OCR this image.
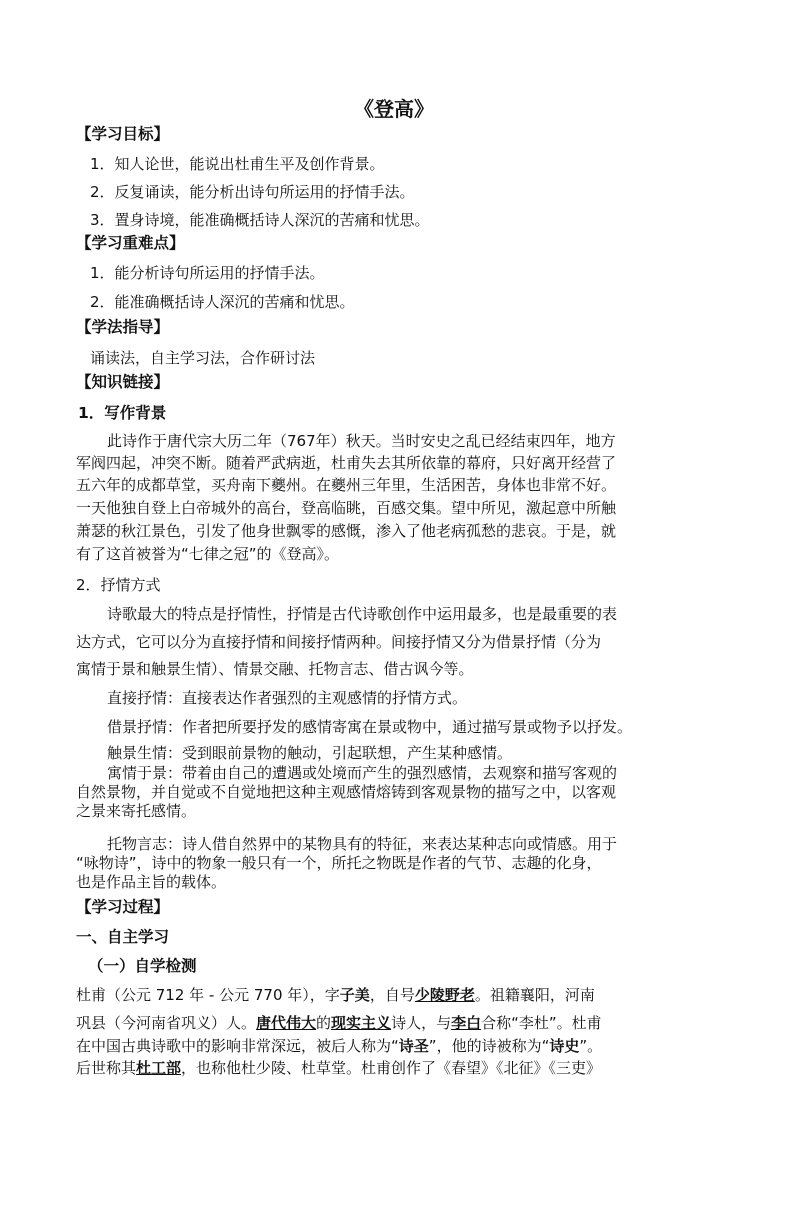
《登高》
【学习目标】
1．知人论世，能说出杜甫生平及创作背景。
2．反复诵读，能分析出诗句所运用的抒情手法。
3．置身诗境，能准确概括诗人深沉的苦痛和忧思。
【学习重难点】
1．能分析诗句所运用的抒情手法。
2．能准确概括诗人深沉的苦痛和忧思。
【学法指导】
诵读法，自主学习法，合作研讨法
【知识链接】
1．写作背景
此诗作于唐代宗大历二年（767年）秋天。当时安史之乱已经结束四年，地方
军阀四起，冲突不断。随着严武病逝，杜甫失去其所依靠的幕府，只好离开经营了
五六年的成都草堂，买舟南下夔州。在夔州三年里，生活困苦，身体也非常不好。
一天他独自登上白帝城外的高台，登高临眺，百感交集。望中所见，激起意中所触
萧瑟的秋江景色，引发了他身世飘零的感慨，渗入了他老病孤愁的悲哀。于是，就
有了这首被誉为“七律之冠”的《登高》。
2．抒情方式
诗歌最大的特点是抒情性，抒情是古代诗歌创作中运用最多，也是最重要的表
达方式，它可以分为直接抒情和间接抒情两种。间接抒情又分为借景抒情（分为
寓情于景和触景生情）、情景交融、托物言志、借古讽今等。
直接抒情：直接表达作者强烈的主观感情的抒情方式。
借景抒情：作者把所要抒发的感情寄寓在景或物中，通过描写景或物予以抒发。
触景生情：受到眼前景物的触动，引起联想，产生某种感情。
寓情于景：带着由自己的遭遇或处境而产生的强烈感情，去观察和描写客观的
自然景物，并自觉或不自觉地把这种主观感情熔铸到客观景物的描写之中，以客观
之景来寄托感情。
托物言志：诗人借自然界中的某物具有的特征，来表达某种志向或情感。用于
“咏物诗”，诗中的物象一般只有一个，所托之物既是作者的气节、志趣的化身，
也是作品主旨的载体。
【学习过程】
一、自主学习
（一）自学检测
杜甫（公元 712 年 - 公元 770 年），字子美，自号少陵野老。祖籍襄阳，河南
巩县（今河南省巩义）人。唐代伟大的现实主义诗人，与李白合称“李杜”。杜甫
在中国古典诗歌中的影响非常深远，被后人称为“诗圣”，他的诗被称为“诗史”。
后世称其杜工部，也称他杜少陵、杜草堂。杜甫创作了《春望》《北征》《三吏》
